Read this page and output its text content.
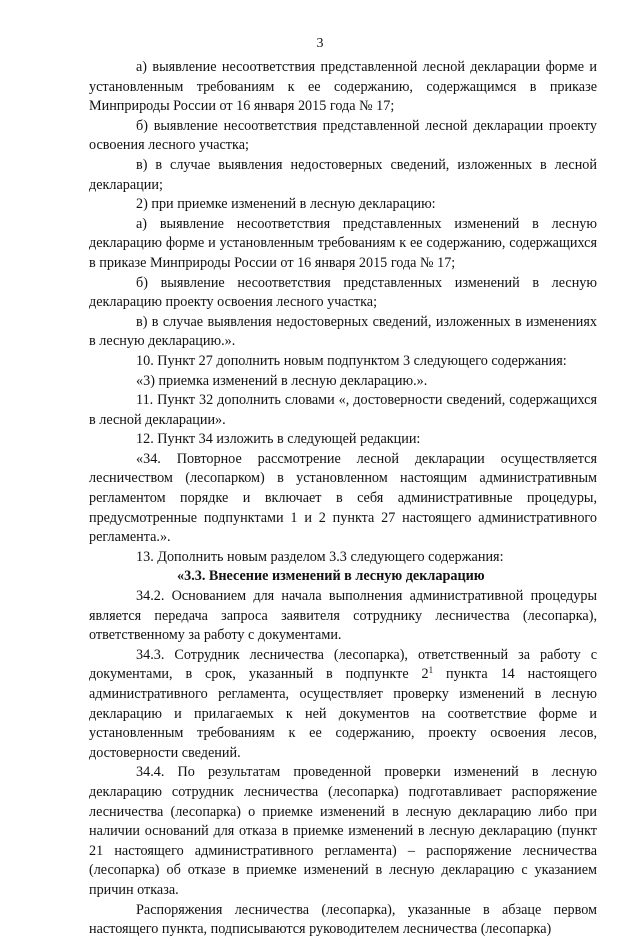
3

а) выявление несоответствия представленной лесной декларации форме и установленным требованиям к ее содержанию, содержащимся в приказе Минприроды России от 16 января 2015 года № 17;

б) выявление несоответствия представленной лесной декларации проекту освоения лесного участка;

в) в случае выявления недостоверных сведений, изложенных в лесной декларации;

2) при приемке изменений в лесную декларацию:

а) выявление несоответствия представленных изменений в лесную декларацию форме и установленным требованиям к ее содержанию, содержащихся в приказе Минприроды России от 16 января 2015 года № 17;

б) выявление несоответствия представленных изменений в лесную декларацию проекту освоения лесного участка;

в) в случае выявления недостоверных сведений, изложенных в изменениях в лесную декларацию.».

10. Пункт 27 дополнить новым подпунктом 3 следующего содержания:

«3) приемка изменений в лесную декларацию.».

11. Пункт 32 дополнить словами «, достоверности сведений, содержащихся в лесной декларации».

12. Пункт 34 изложить в следующей редакции:

«34. Повторное рассмотрение лесной декларации осуществляется лесничеством (лесопарком) в установленном настоящим административным регламентом порядке и включает в себя административные процедуры, предусмотренные подпунктами 1 и 2 пункта 27 настоящего административного регламента.».

13. Дополнить новым разделом 3.3 следующего содержания:

«3.3. Внесение изменений в лесную декларацию

34.2. Основанием для начала выполнения административной процедуры является передача запроса заявителя сотруднику лесничества (лесопарка), ответственному за работу с документами.

34.3. Сотрудник лесничества (лесопарка), ответственный за работу с документами, в срок, указанный в подпункте $2^1$ пункта 14 настоящего административного регламента, осуществляет проверку изменений в лесную декларацию и прилагаемых к ней документов на соответствие форме и установленным требованиям к ее содержанию, проекту освоения лесов, достоверности сведений.

34.4. По результатам проведенной проверки изменений в лесную декларацию сотрудник лесничества (лесопарка) подготавливает распоряжение лесничества (лесопарка) о приемке изменений в лесную декларацию либо при наличии оснований для отказа в приемке изменений в лесную декларацию (пункт 21 настоящего административного регламента) – распоряжение лесничества (лесопарка) об отказе в приемке изменений в лесную декларацию с указанием причин отказа.

Распоряжения лесничества (лесопарка), указанные в абзаце первом настоящего пункта, подписываются руководителем лесничества (лесопарка)
